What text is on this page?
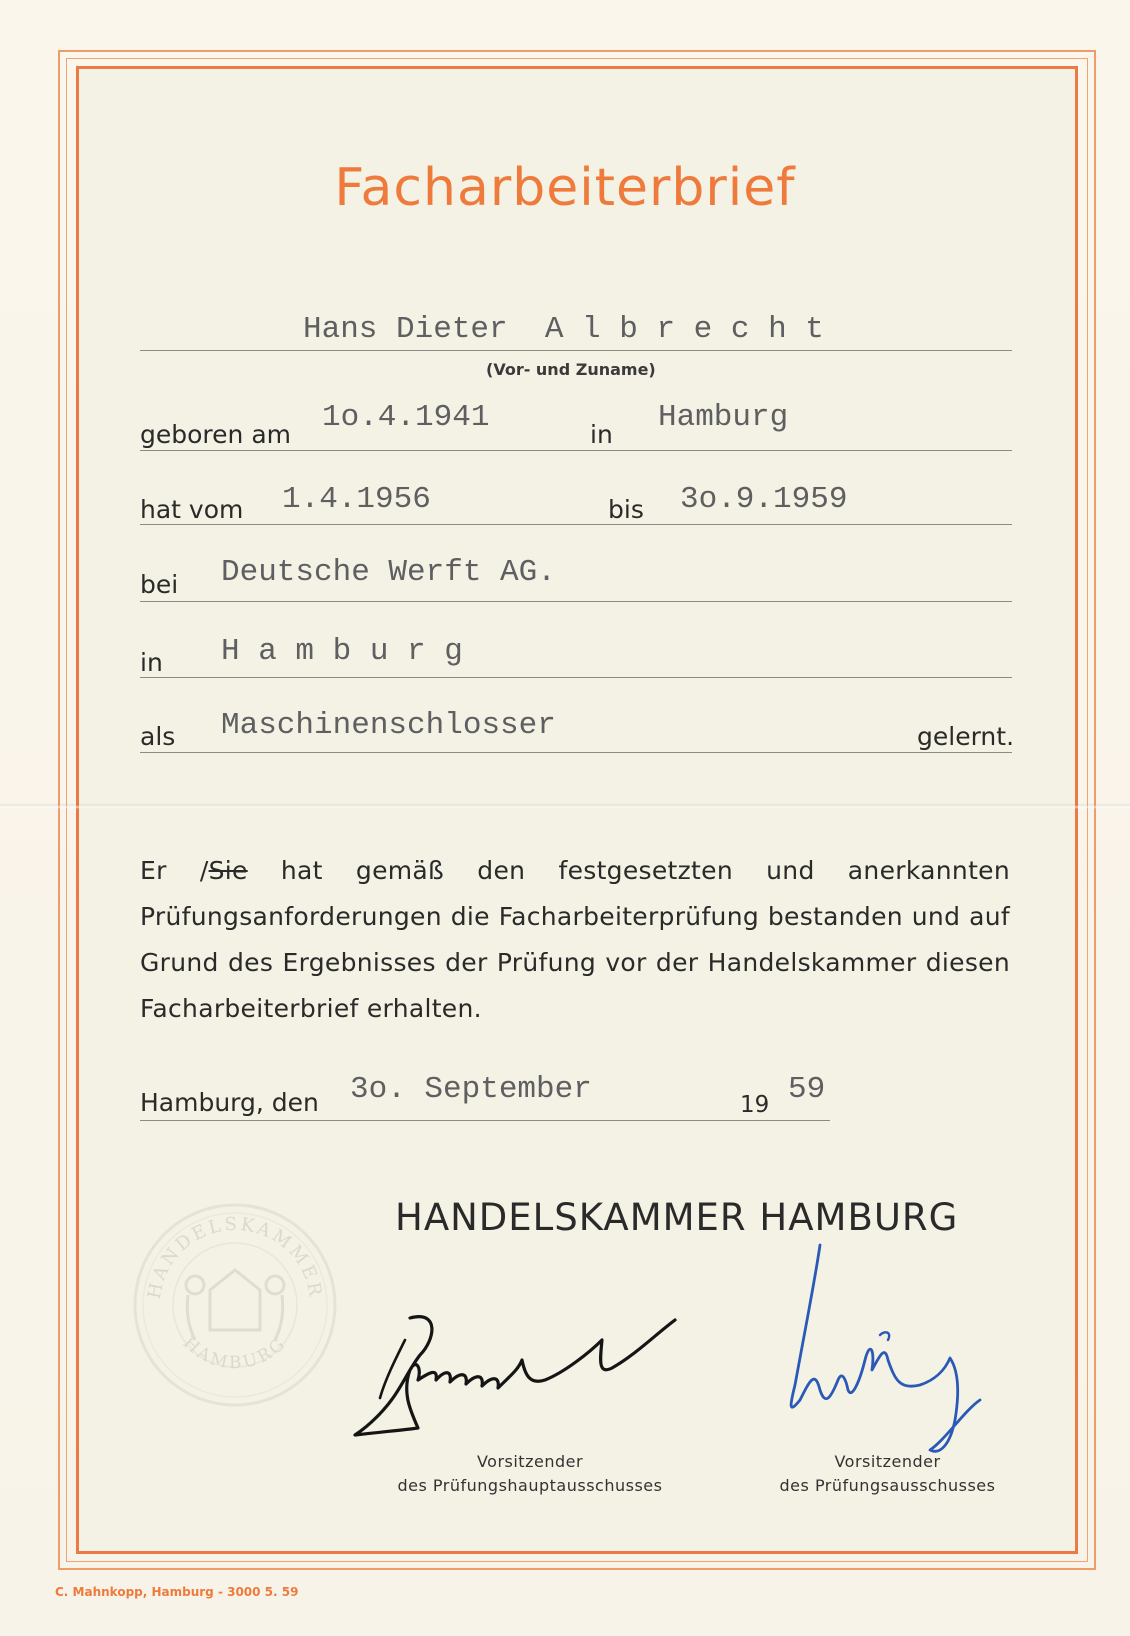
Facharbeiterbrief
Hans Dieter  A l b r e c h t
(Vor- und Zuname)
geboren am 1o.4.1941	in Hamburg
hat vom 1.4.1956	bis 3o.9.1959
bei Deutsche Werft AG.
in H a m b u r g
als Maschinenschlosser	gelernt.
Er /Sie hat gemäß den festgesetzten und anerkannten Prüfungsanforderungen die Facharbeiterprüfung bestanden und auf Grund des Ergebnisses der Prüfung vor der Handelskammer diesen Facharbeiterbrief erhalten.
Hamburg, den 3o. September	19 59
HANDELSKAMMER HAMBURG
HANDELSKAMMER
HAMBURG
Vorsitzender
des Prüfungshauptausschusses
Vorsitzender
des Prüfungsausschusses
C. Mahnkopp, Hamburg - 3000 5. 59
